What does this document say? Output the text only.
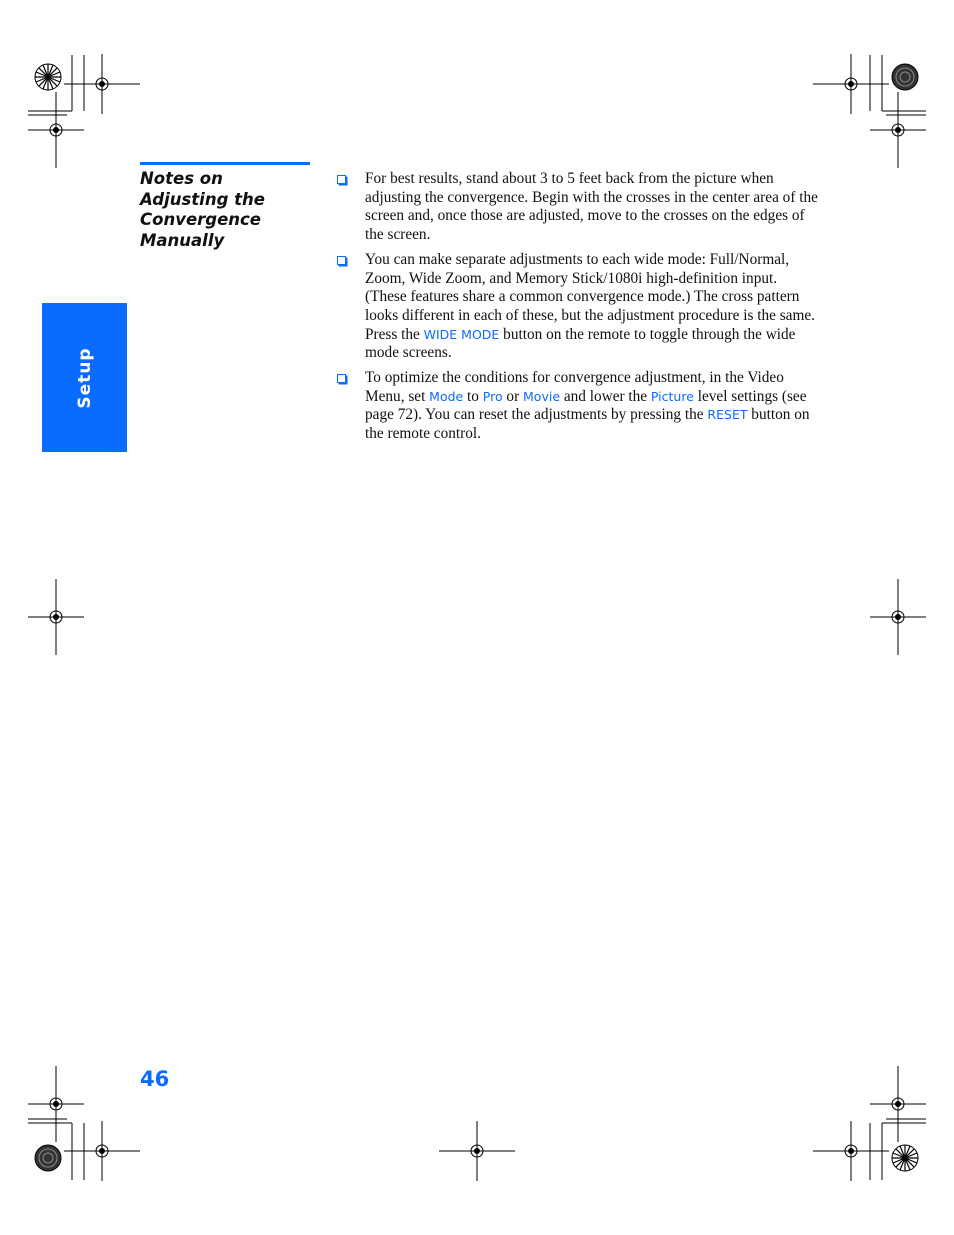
Setup
Notes on
Adjusting the
Convergence
Manually
For best results, stand about 3 to 5 feet back from the picture when adjusting the convergence. Begin with the crosses in the center area of the screen and, once those are adjusted, move to the crosses on the edges of the screen.
You can make separate adjustments to each wide mode: Full/Normal, Zoom, Wide Zoom, and Memory Stick/1080i high-definition input. (These features share a common convergence mode.) The cross pattern looks different in each of these, but the adjustment procedure is the same. Press the WIDE MODE button on the remote to toggle through the wide mode screens.
To optimize the conditions for convergence adjustment, in the Video Menu, set Mode to Pro or Movie and lower the Picture level settings (see page 72). You can reset the adjustments by pressing the RESET button on the remote control.
46
